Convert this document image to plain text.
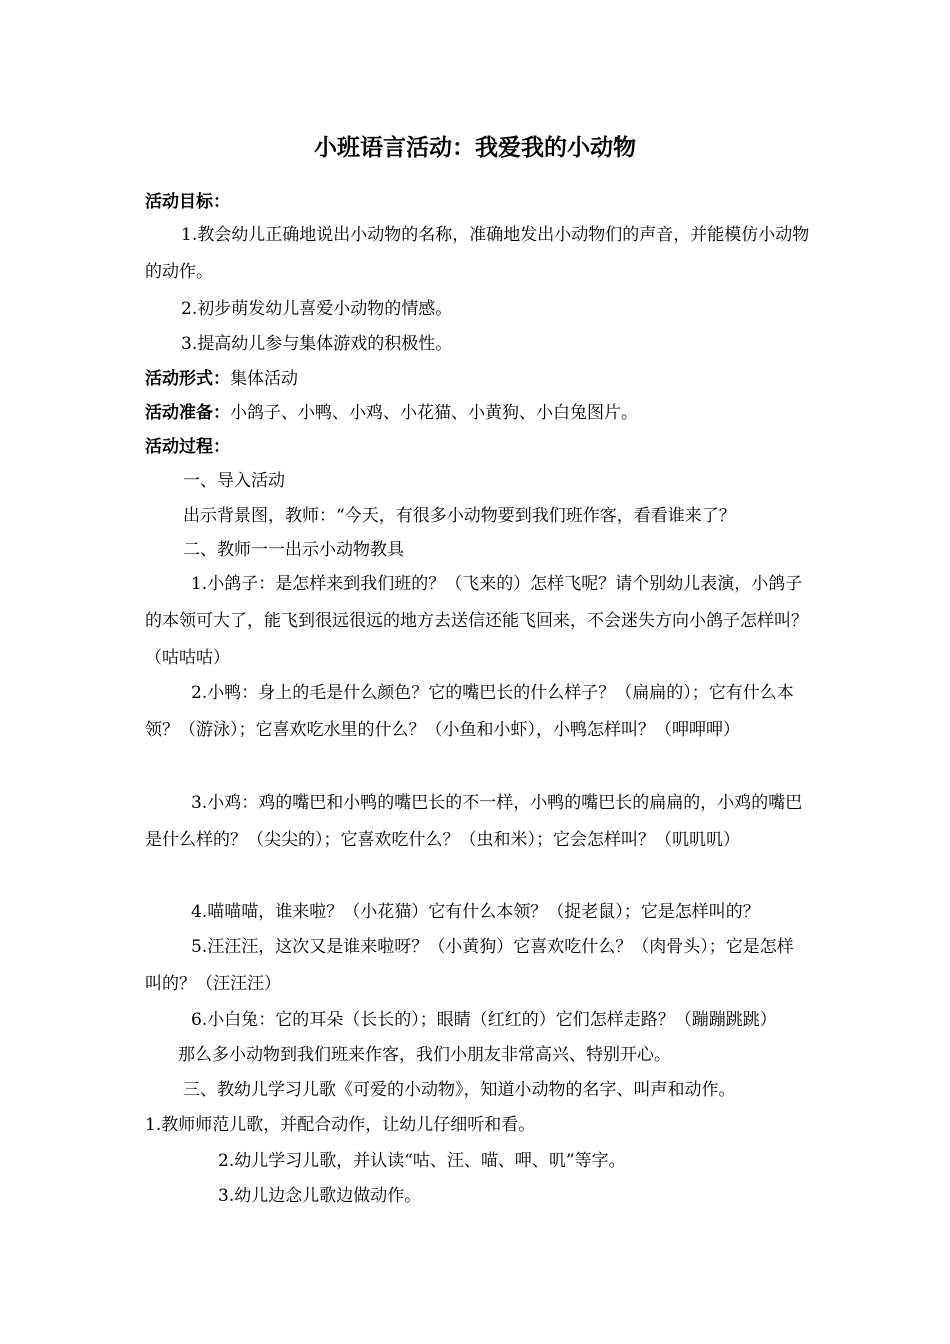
小班语言活动：我爱我的小动物
活动目标：
1.教会幼儿正确地说出小动物的名称，准确地发出小动物们的声音，并能模仿小动物的动作。
2.初步萌发幼儿喜爱小动物的情感。
3.提高幼儿参与集体游戏的积极性。
活动形式：集体活动
活动准备：小鸽子、小鸭、小鸡、小花猫、小黄狗、小白兔图片。
活动过程：
一、导入活动
出示背景图，教师：“今天，有很多小动物要到我们班作客，看看谁来了？
二、教师一一出示小动物教具
1.小鸽子：是怎样来到我们班的？（飞来的）怎样飞呢？请个别幼儿表演，小鸽子的本领可大了，能飞到很远很远的地方去送信还能飞回来，不会迷失方向小鸽子怎样叫？（咕咕咕）
2.小鸭：身上的毛是什么颜色？它的嘴巴长的什么样子？（扁扁的）；它有什么本领？（游泳）；它喜欢吃水里的什么？（小鱼和小虾），小鸭怎样叫？（呷呷呷）
3.小鸡：鸡的嘴巴和小鸭的嘴巴长的不一样，小鸭的嘴巴长的扁扁的，小鸡的嘴巴是什么样的？（尖尖的）；它喜欢吃什么？（虫和米）；它会怎样叫？（叽叽叽）
4.喵喵喵，谁来啦？（小花猫）它有什么本领？（捉老鼠）；它是怎样叫的？
5.汪汪汪，这次又是谁来啦呀？（小黄狗）它喜欢吃什么？（肉骨头）；它是怎样叫的？（汪汪汪）
6.小白兔：它的耳朵（长长的）；眼睛（红红的）它们怎样走路？（蹦蹦跳跳）
那么多小动物到我们班来作客，我们小朋友非常高兴、特别开心。
三、教幼儿学习儿歌《可爱的小动物》，知道小动物的名字、叫声和动作。
1.教师师范儿歌，并配合动作，让幼儿仔细听和看。
2.幼儿学习儿歌，并认读“咕、汪、喵、呷、叽”等字。
3.幼儿边念儿歌边做动作。
